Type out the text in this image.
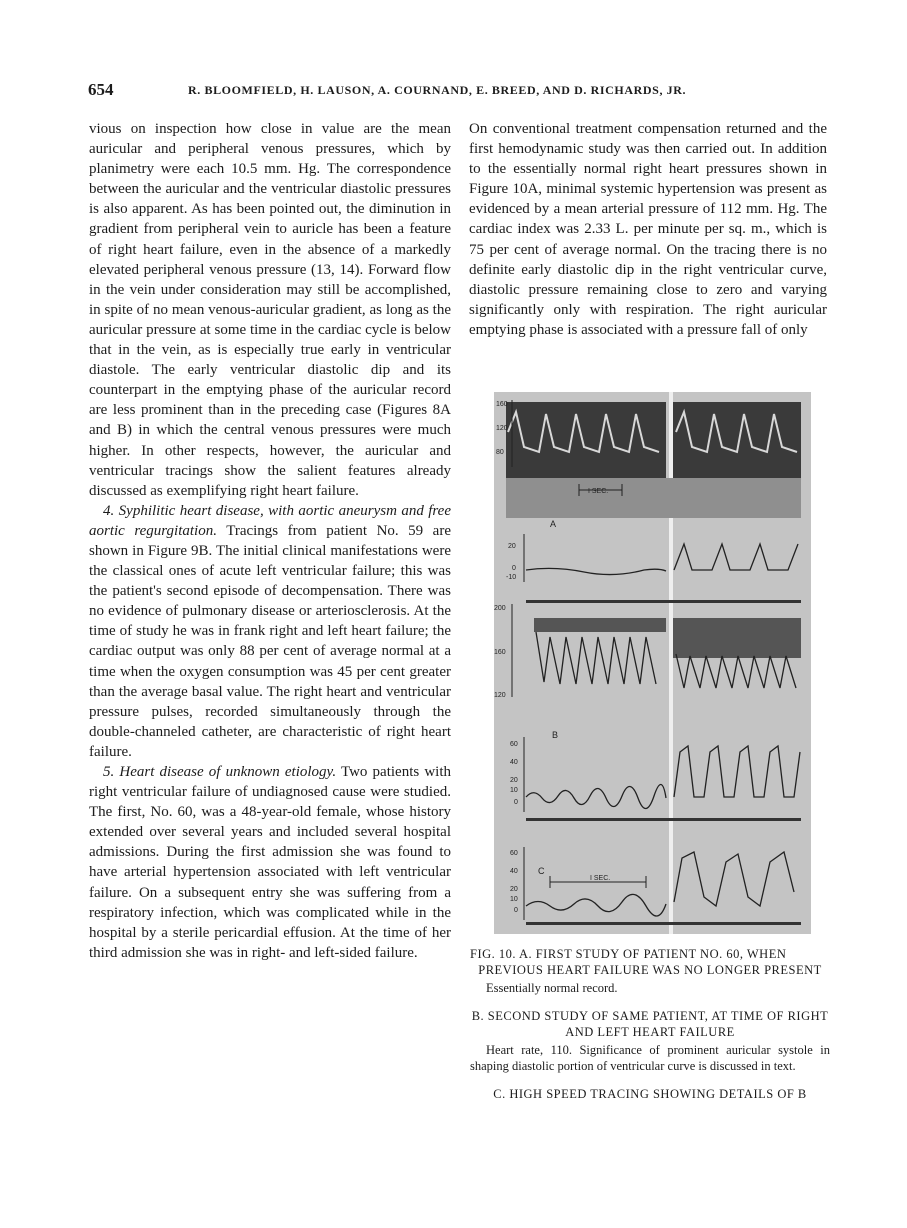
654	R. BLOOMFIELD, H. LAUSON, A. COURNAND, E. BREED, AND D. RICHARDS, JR.

vious on inspection how close in value are the mean auricular and peripheral venous pressures, which by planimetry were each 10.5 mm. Hg. The correspondence between the auricular and the ventricular diastolic pressures is also apparent. As has been pointed out, the diminution in gradient from peripheral vein to auricle has been a feature of right heart failure, even in the absence of a markedly elevated peripheral venous pressure (13, 14). Forward flow in the vein under consideration may still be accomplished, in spite of no mean venous-auricular gradient, as long as the auricular pressure at some time in the cardiac cycle is below that in the vein, as is especially true early in ventricular diastole. The early ventricular diastolic dip and its counterpart in the emptying phase of the auricular record are less prominent than in the preceding case (Figures 8A and B) in which the central venous pressures were much higher. In other respects, however, the auricular and ventricular tracings show the salient features already discussed as exemplifying right heart failure.

4. Syphilitic heart disease, with aortic aneurysm and free aortic regurgitation. Tracings from patient No. 59 are shown in Figure 9B. The initial clinical manifestations were the classical ones of acute left ventricular failure; this was the patient's second episode of decompensation. There was no evidence of pulmonary disease or arteriosclerosis. At the time of study he was in frank right and left heart failure; the cardiac output was only 88 per cent of average normal at a time when the oxygen consumption was 45 per cent greater than the average basal value. The right heart and ventricular pressure pulses, recorded simultaneously through the double-channeled catheter, are characteristic of right heart failure.

5. Heart disease of unknown etiology. Two patients with right ventricular failure of undiagnosed cause were studied. The first, No. 60, was a 48-year-old female, whose history extended over several years and included several hospital admissions. During the first admission she was found to have arterial hypertension associated with left ventricular failure. On a subsequent entry she was suffering from a respiratory infection, which was complicated while in the hospital by a sterile pericardial effusion. At the time of her third admission she was in right- and left-sided failure.

On conventional treatment compensation returned and the first hemodynamic study was then carried out. In addition to the essentially normal right heart pressures shown in Figure 10A, minimal systemic hypertension was present as evidenced by a mean arterial pressure of 112 mm. Hg. The cardiac index was 2.33 L. per minute per sq. m., which is 75 per cent of average normal. On the tracing there is no definite early diastolic dip in the right ventricular curve, diastolic pressure remaining close to zero and varying significantly only with respiration. The right auricular emptying phase is associated with a pressure fall of only

160
120
80
I SEC.
A
20
0
-10
200
160
120
B
60
40
20
10
0
C
I SEC.
60
40
20
10
0

FIG. 10. A. FIRST STUDY OF PATIENT NO. 60, WHEN

PREVIOUS HEART FAILURE WAS NO LONGER PRESENT

Essentially normal record.

B. SECOND STUDY OF SAME PATIENT, AT TIME OF RIGHT

AND LEFT HEART FAILURE

Heart rate, 110. Significance of prominent auricular systole in shaping diastolic portion of ventricular curve is discussed in text.

C. HIGH SPEED TRACING SHOWING DETAILS OF B
